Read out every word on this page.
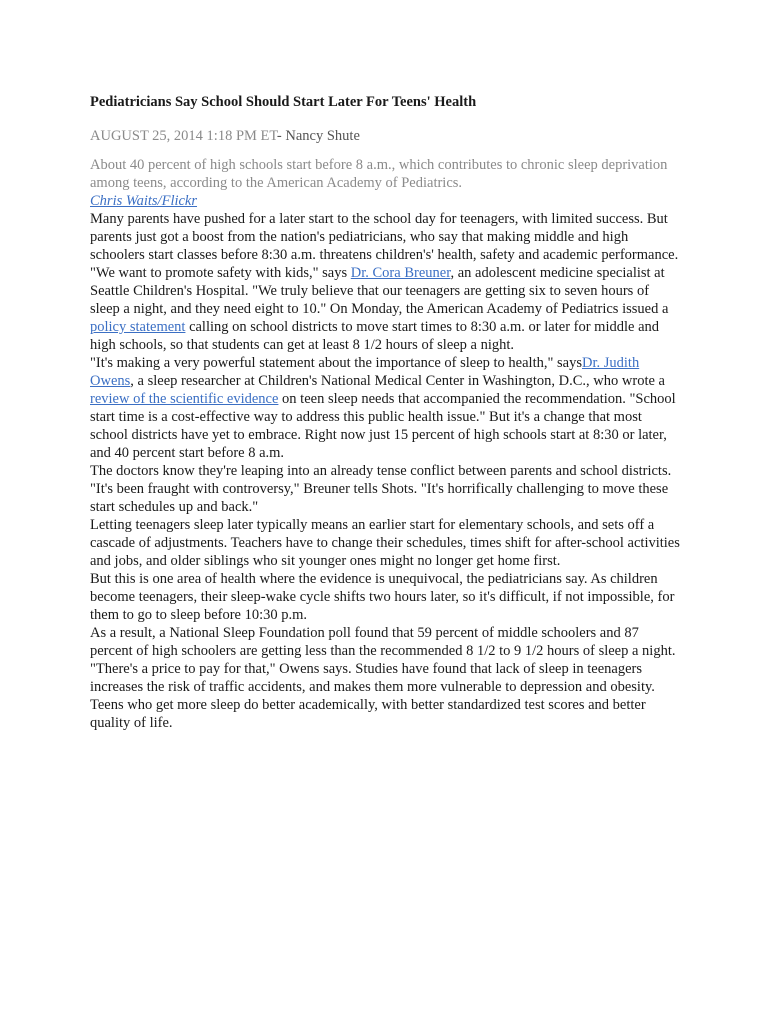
Pediatricians Say School Should Start Later For Teens' Health
AUGUST 25, 2014 1:18 PM ET- Nancy Shute
About 40 percent of high schools start before 8 a.m., which contributes to chronic sleep deprivation among teens, according to the American Academy of Pediatrics.
Chris Waits/Flickr

Many parents have pushed for a later start to the school day for teenagers, with limited success. But parents just got a boost from the nation's pediatricians, who say that making middle and high schoolers start classes before 8:30 a.m. threatens children's' health, safety and academic performance.

"We want to promote safety with kids," says Dr. Cora Breuner, an adolescent medicine specialist at Seattle Children's Hospital. "We truly believe that our teenagers are getting six to seven hours of sleep a night, and they need eight to 10." On Monday, the American Academy of Pediatrics issued a policy statement calling on school districts to move start times to 8:30 a.m. or later for middle and high schools, so that students can get at least 8 1/2 hours of sleep a night.

"It's making a very powerful statement about the importance of sleep to health," saysDr. Judith Owens, a sleep researcher at Children's National Medical Center in Washington, D.C., who wrote a review of the scientific evidence on teen sleep needs that accompanied the recommendation. "School start time is a cost-effective way to address this public health issue." But it's a change that most school districts have yet to embrace. Right now just 15 percent of high schools start at 8:30 or later, and 40 percent start before 8 a.m.

The doctors know they're leaping into an already tense conflict between parents and school districts. "It's been fraught with controversy," Breuner tells Shots. "It's horrifically challenging to move these start schedules up and back."

Letting teenagers sleep later typically means an earlier start for elementary schools, and sets off a cascade of adjustments. Teachers have to change their schedules, times shift for after-school activities and jobs, and older siblings who sit younger ones might no longer get home first.

But this is one area of health where the evidence is unequivocal, the pediatricians say. As children become teenagers, their sleep-wake cycle shifts two hours later, so it's difficult, if not impossible, for them to go to sleep before 10:30 p.m.

As a result, a National Sleep Foundation poll found that 59 percent of middle schoolers and 87 percent of high schoolers are getting less than the recommended 8 1/2 to 9 1/2 hours of sleep a night.

"There's a price to pay for that," Owens says. Studies have found that lack of sleep in teenagers increases the risk of traffic accidents, and makes them more vulnerable to depression and obesity. Teens who get more sleep do better academically, with better standardized test scores and better quality of life.
